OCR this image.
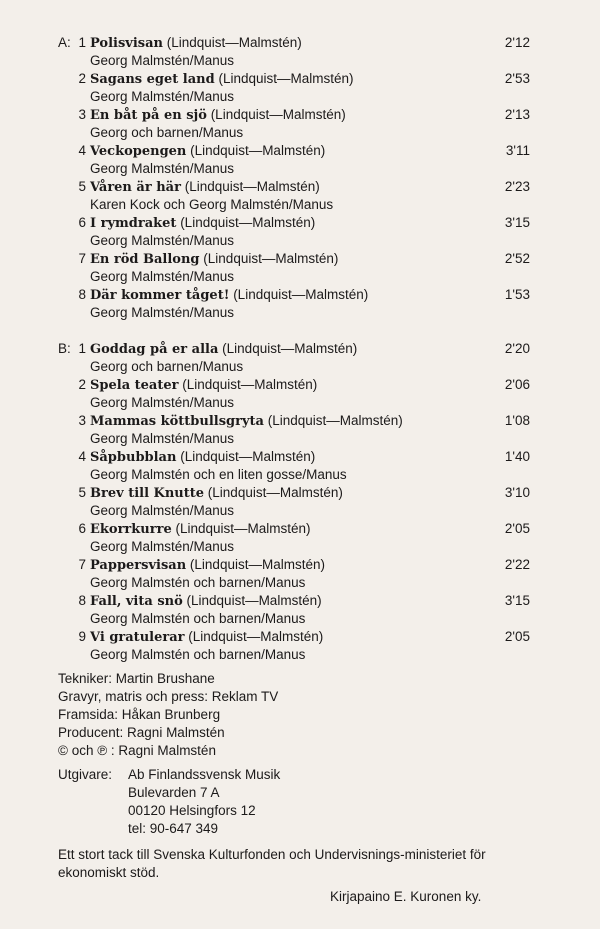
A: 1 Polisvisan (Lindquist—Malmstén)
Georg Malmstén/Manus
2'12
2 Sagans eget land (Lindquist—Malmstén)
Georg Malmstén/Manus
2'53
3 En båt på en sjö (Lindquist—Malmstén)
Georg och barnen/Manus
2'13
4 Veckopengen (Lindquist—Malmstén)
Georg Malmstén/Manus
3'11
5 Våren är här (Lindquist—Malmstén)
Karen Kock och Georg Malmstén/Manus
2'23
6 I rymdraket (Lindquist—Malmstén)
Georg Malmstén/Manus
3'15
7 En röd Ballong (Lindquist—Malmstén)
Georg Malmstén/Manus
2'52
8 Där kommer tåget! (Lindquist—Malmstén)
Georg Malmstén/Manus
1'53
B: 1 Goddag på er alla (Lindquist—Malmstén)
Georg och barnen/Manus
2'20
2 Spela teater (Lindquist—Malmstén)
Georg Malmstén/Manus
2'06
3 Mammas köttbullsgryta (Lindquist—Malmstén)
Georg Malmstén/Manus
1'08
4 Såpbubblan (Lindquist—Malmstén)
Georg Malmstén och en liten gosse/Manus
1'40
5 Brev till Knutte (Lindquist—Malmstén)
Georg Malmstén/Manus
3'10
6 Ekorrkurre (Lindquist—Malmstén)
Georg Malmstén/Manus
2'05
7 Pappersvisan (Lindquist—Malmstén)
Georg Malmstén och barnen/Manus
2'22
8 Fall, vita snö (Lindquist—Malmstén)
Georg Malmstén och barnen/Manus
3'15
9 Vi gratulerar (Lindquist—Malmstén)
Georg Malmstén och barnen/Manus
2'05
Tekniker: Martin Brushane
Gravyr, matris och press: Reklam TV
Framsida: Håkan Brunberg
Producent: Ragni Malmstén
© och ℗ : Ragni Malmstén
Utgivare: Ab Finlandssvensk Musik
Bulevarden 7 A
00120 Helsingfors 12
tel: 90-647 349
Ett stort tack till Svenska Kulturfonden och Undervisnings-ministeriet för ekonomiskt stöd.
Kirjapaino E. Kuronen ky.
